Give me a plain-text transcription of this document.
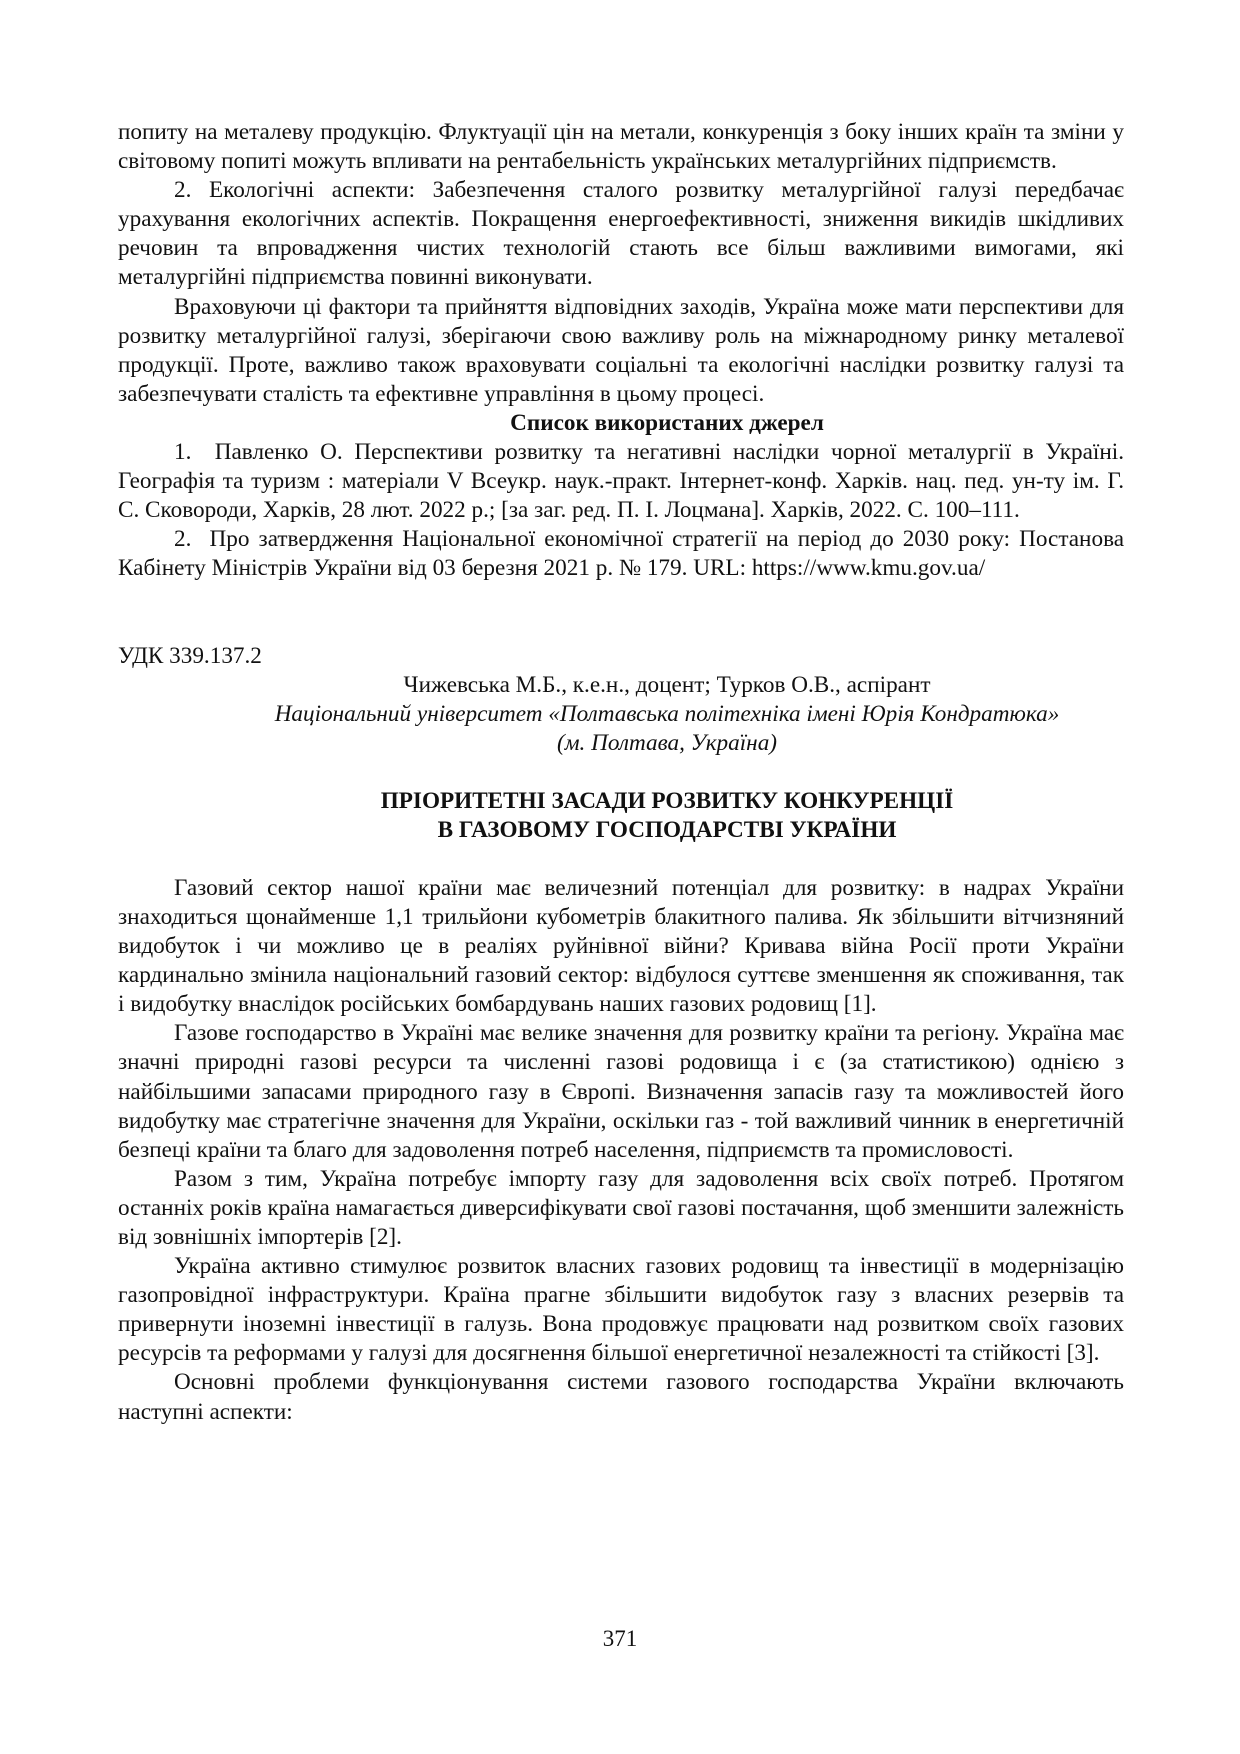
попиту на металеву продукцію. Флуктуації цін на метали, конкуренція з боку інших країн та зміни у світовому попиті можуть впливати на рентабельність українських металургійних підприємств.

2. Екологічні аспекти: Забезпечення сталого розвитку металургійної галузі передбачає урахування екологічних аспектів. Покращення енергоефективності, зниження викидів шкідливих речовин та впровадження чистих технологій стають все більш важливими вимогами, які металургійні підприємства повинні виконувати.

Враховуючи ці фактори та прийняття відповідних заходів, Україна може мати перспективи для розвитку металургійної галузі, зберігаючи свою важливу роль на міжнародному ринку металевої продукції. Проте, важливо також враховувати соціальні та екологічні наслідки розвитку галузі та забезпечувати сталість та ефективне управління в цьому процесі.

Список використаних джерел

1. Павленко О. Перспективи розвитку та негативні наслідки чорної металургії в Україні. Географія та туризм : матеріали V Всеукр. наук.-практ. Інтернет-конф. Харків. нац. пед. ун-ту ім. Г. С. Сковороди, Харків, 28 лют. 2022 р.; [за заг. ред. П. І. Лоцмана]. Харків, 2022. С. 100–111.

2. Про затвердження Національної економічної стратегії на період до 2030 року: Постанова Кабінету Міністрів України від 03 березня 2021 р. № 179. URL: https://www.kmu.gov.ua/

УДК 339.137.2

Чижевська М.Б., к.е.н., доцент; Турков О.В., аспірант

Національний університет «Полтавська політехніка імені Юрія Кондратюка»

(м. Полтава, Україна)

ПРІОРИТЕТНІ ЗАСАДИ РОЗВИТКУ КОНКУРЕНЦІЇ

В ГАЗОВОМУ ГОСПОДАРСТВІ УКРАЇНИ

Газовий сектор нашої країни має величезний потенціал для розвитку: в надрах України знаходиться щонайменше 1,1 трильйони кубометрів блакитного палива. Як збільшити вітчизняний видобуток і чи можливо це в реаліях руйнівної війни? Кривава війна Росії проти України кардинально змінила національний газовий сектор: відбулося суттєве зменшення як споживання, так і видобутку внаслідок російських бомбардувань наших газових родовищ [1].

Газове господарство в Україні має велике значення для розвитку країни та регіону. Україна має значні природні газові ресурси та численні газові родовища і є (за статистикою) однією з найбільшими запасами природного газу в Європі. Визначення запасів газу та можливостей його видобутку має стратегічне значення для України, оскільки газ - той важливий чинник в енергетичній безпеці країни та благо для задоволення потреб населення, підприємств та промисловості.

Разом з тим, Україна потребує імпорту газу для задоволення всіх своїх потреб. Протягом останніх років країна намагається диверсифікувати свої газові постачання, щоб зменшити залежність від зовнішніх імпортерів [2].

Україна активно стимулює розвиток власних газових родовищ та інвестиції в модернізацію газопровідної інфраструктури. Країна прагне збільшити видобуток газу з власних резервів та привернути іноземні інвестиції в галузь. Вона продовжує працювати над розвитком своїх газових ресурсів та реформами у галузі для досягнення більшої енергетичної незалежності та стійкості [3].

Основні проблеми функціонування системи газового господарства України включають наступні аспекти:

371
